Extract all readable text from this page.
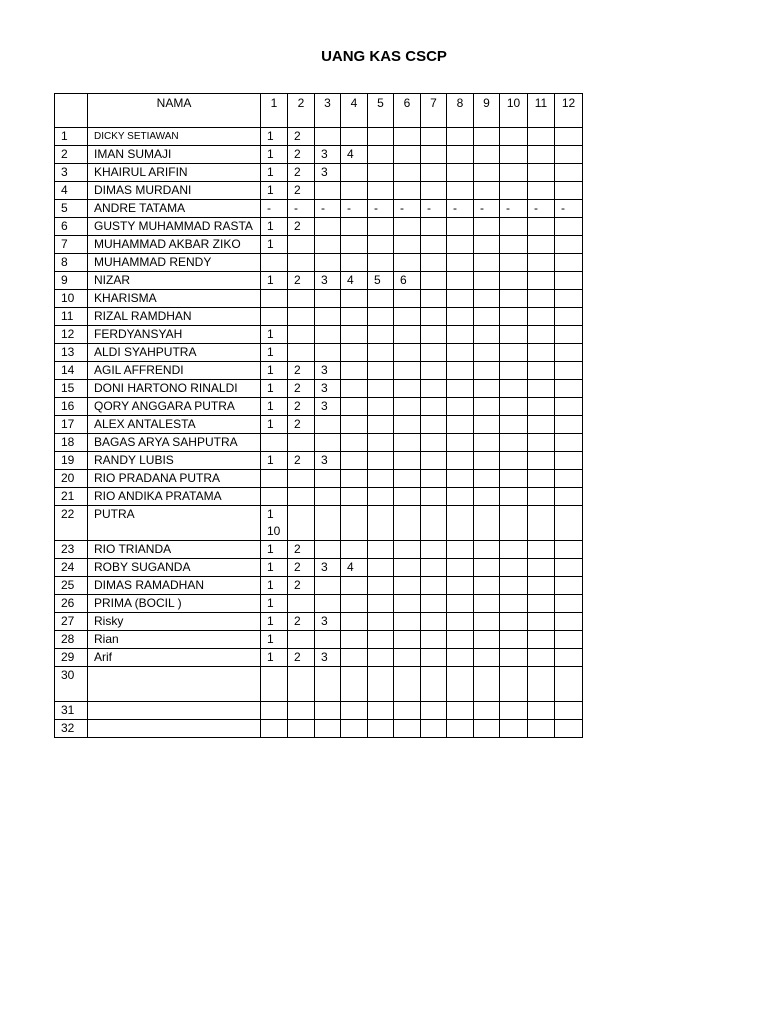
UANG KAS CSCP
	NAMA	1	2	3	4	5	6	7	8	9	10	11	12
1	DICKY SETIAWAN	1	2										
2	IMAN SUMAJI	1	2	3	4								
3	KHAIRUL ARIFIN	1	2	3									
4	DIMAS MURDANI	1	2										
5	ANDRE TATAMA	-	-	-	-	-	-	-	-	-	-	-	-
6	GUSTY MUHAMMAD RASTA	1	2										
7	MUHAMMAD AKBAR ZIKO	1											
8	MUHAMMAD RENDY												
9	NIZAR	1	2	3	4	5	6						
10	KHARISMA												
11	RIZAL RAMDHAN												
12	FERDYANSYAH	1											
13	ALDI SYAHPUTRA	1											
14	AGIL AFFRENDI	1	2	3									
15	DONI HARTONO RINALDI	1	2	3									
16	QORY ANGGARA PUTRA	1	2	3									
17	ALEX ANTALESTA	1	2										
18	BAGAS ARYA SAHPUTRA												
19	RANDY LUBIS	1	2	3									
20	RIO PRADANA PUTRA												
21	RIO ANDIKA PRATAMA												
22	PUTRA	1
10											
23	RIO TRIANDA	1	2										
24	ROBY SUGANDA	1	2	3	4								
25	DIMAS RAMADHAN	1	2										
26	PRIMA (BOCIL )	1											
27	Risky	1	2	3									
28	Rian	1											
29	Arif	1	2	3									
30													
31													
32													
